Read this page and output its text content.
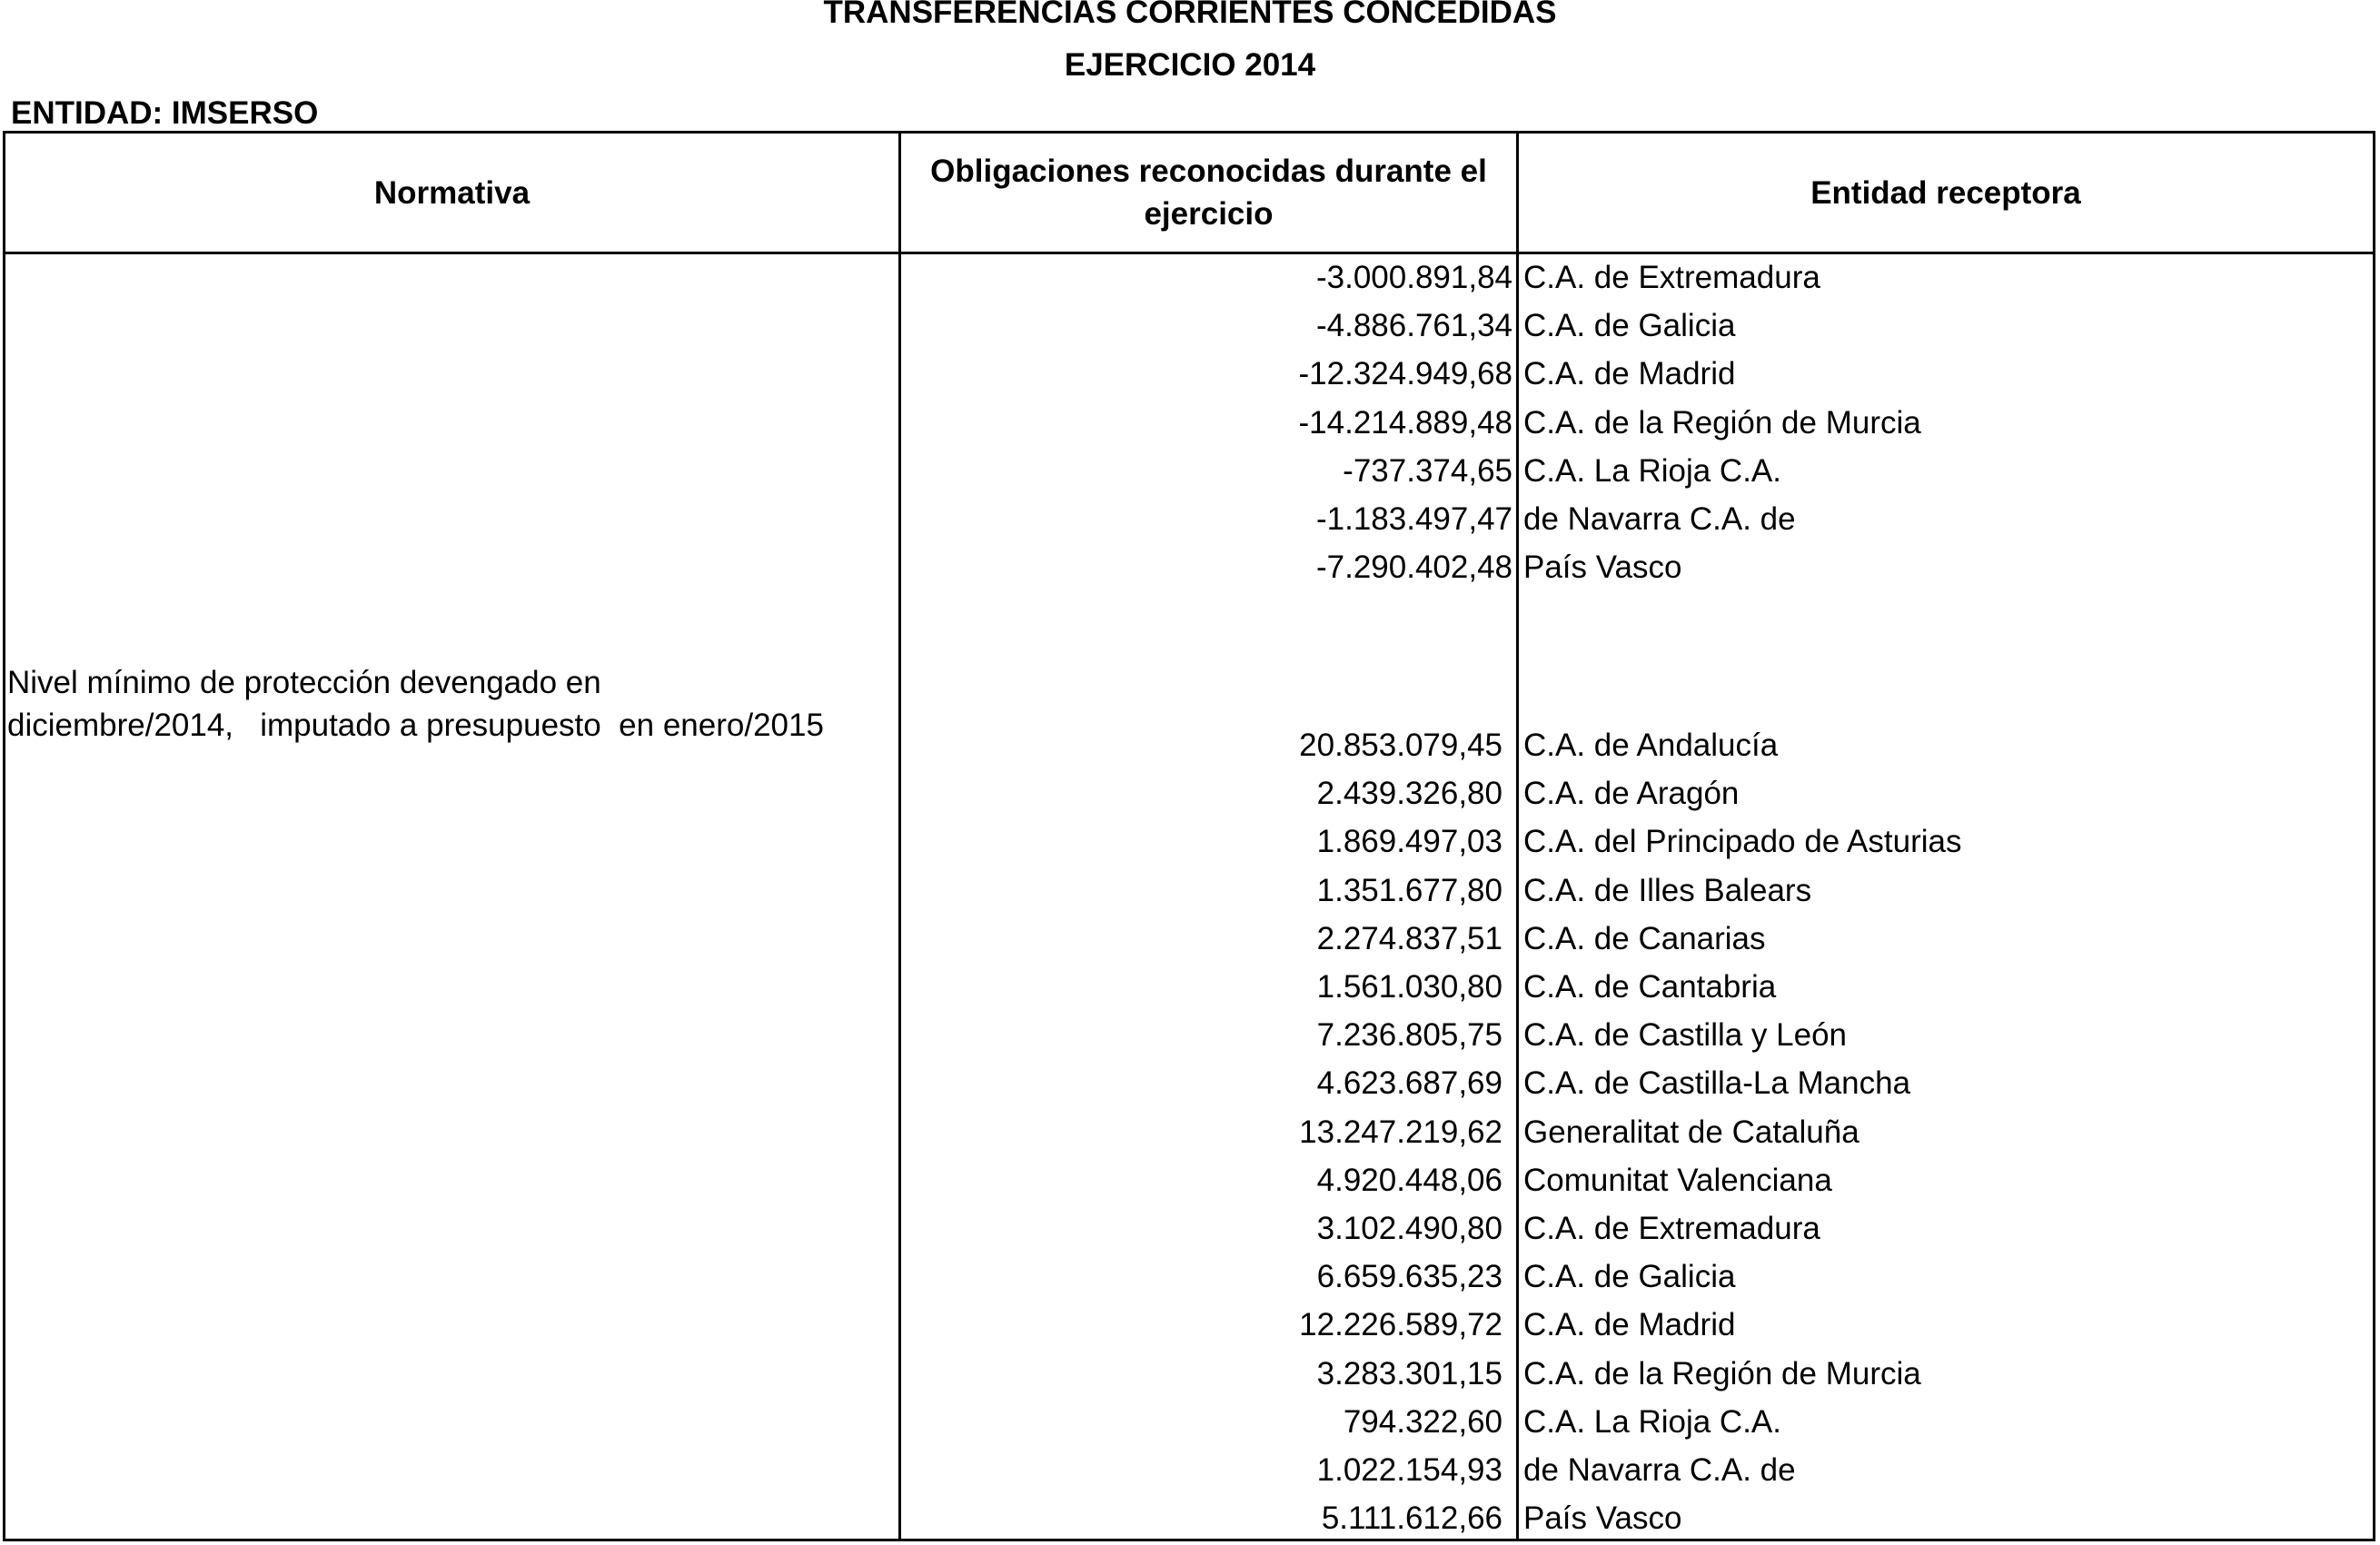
TRANSFERENCIAS CORRIENTES CONCEDIDAS
EJERCICIO 2014
ENTIDAD: IMSERSO
Normativa
Obligaciones reconocidas durante el ejercicio
Entidad receptora
Nivel mínimo de protección devengado en
diciembre/2014,   imputado a presupuesto  en enero/2015
-3.000.891,84 C.A. de Extremadura
-4.886.761,34 C.A. de Galicia
-12.324.949,68 C.A. de Madrid
-14.214.889,48 C.A. de la Región de Murcia
-737.374,65 C.A. La Rioja C.A.
-1.183.497,47 de Navarra C.A. de
-7.290.402,48 País Vasco
20.853.079,45 C.A. de Andalucía
2.439.326,80 C.A. de Aragón
1.869.497,03 C.A. del Principado de Asturias
1.351.677,80 C.A. de Illes Balears
2.274.837,51 C.A. de Canarias
1.561.030,80 C.A. de Cantabria
7.236.805,75 C.A. de Castilla y León
4.623.687,69 C.A. de Castilla-La Mancha
13.247.219,62 Generalitat de Cataluña
4.920.448,06 Comunitat Valenciana
3.102.490,80 C.A. de Extremadura
6.659.635,23 C.A. de Galicia
12.226.589,72 C.A. de Madrid
3.283.301,15 C.A. de la Región de Murcia
794.322,60 C.A. La Rioja C.A.
1.022.154,93 de Navarra C.A. de
5.111.612,66 País Vasco
